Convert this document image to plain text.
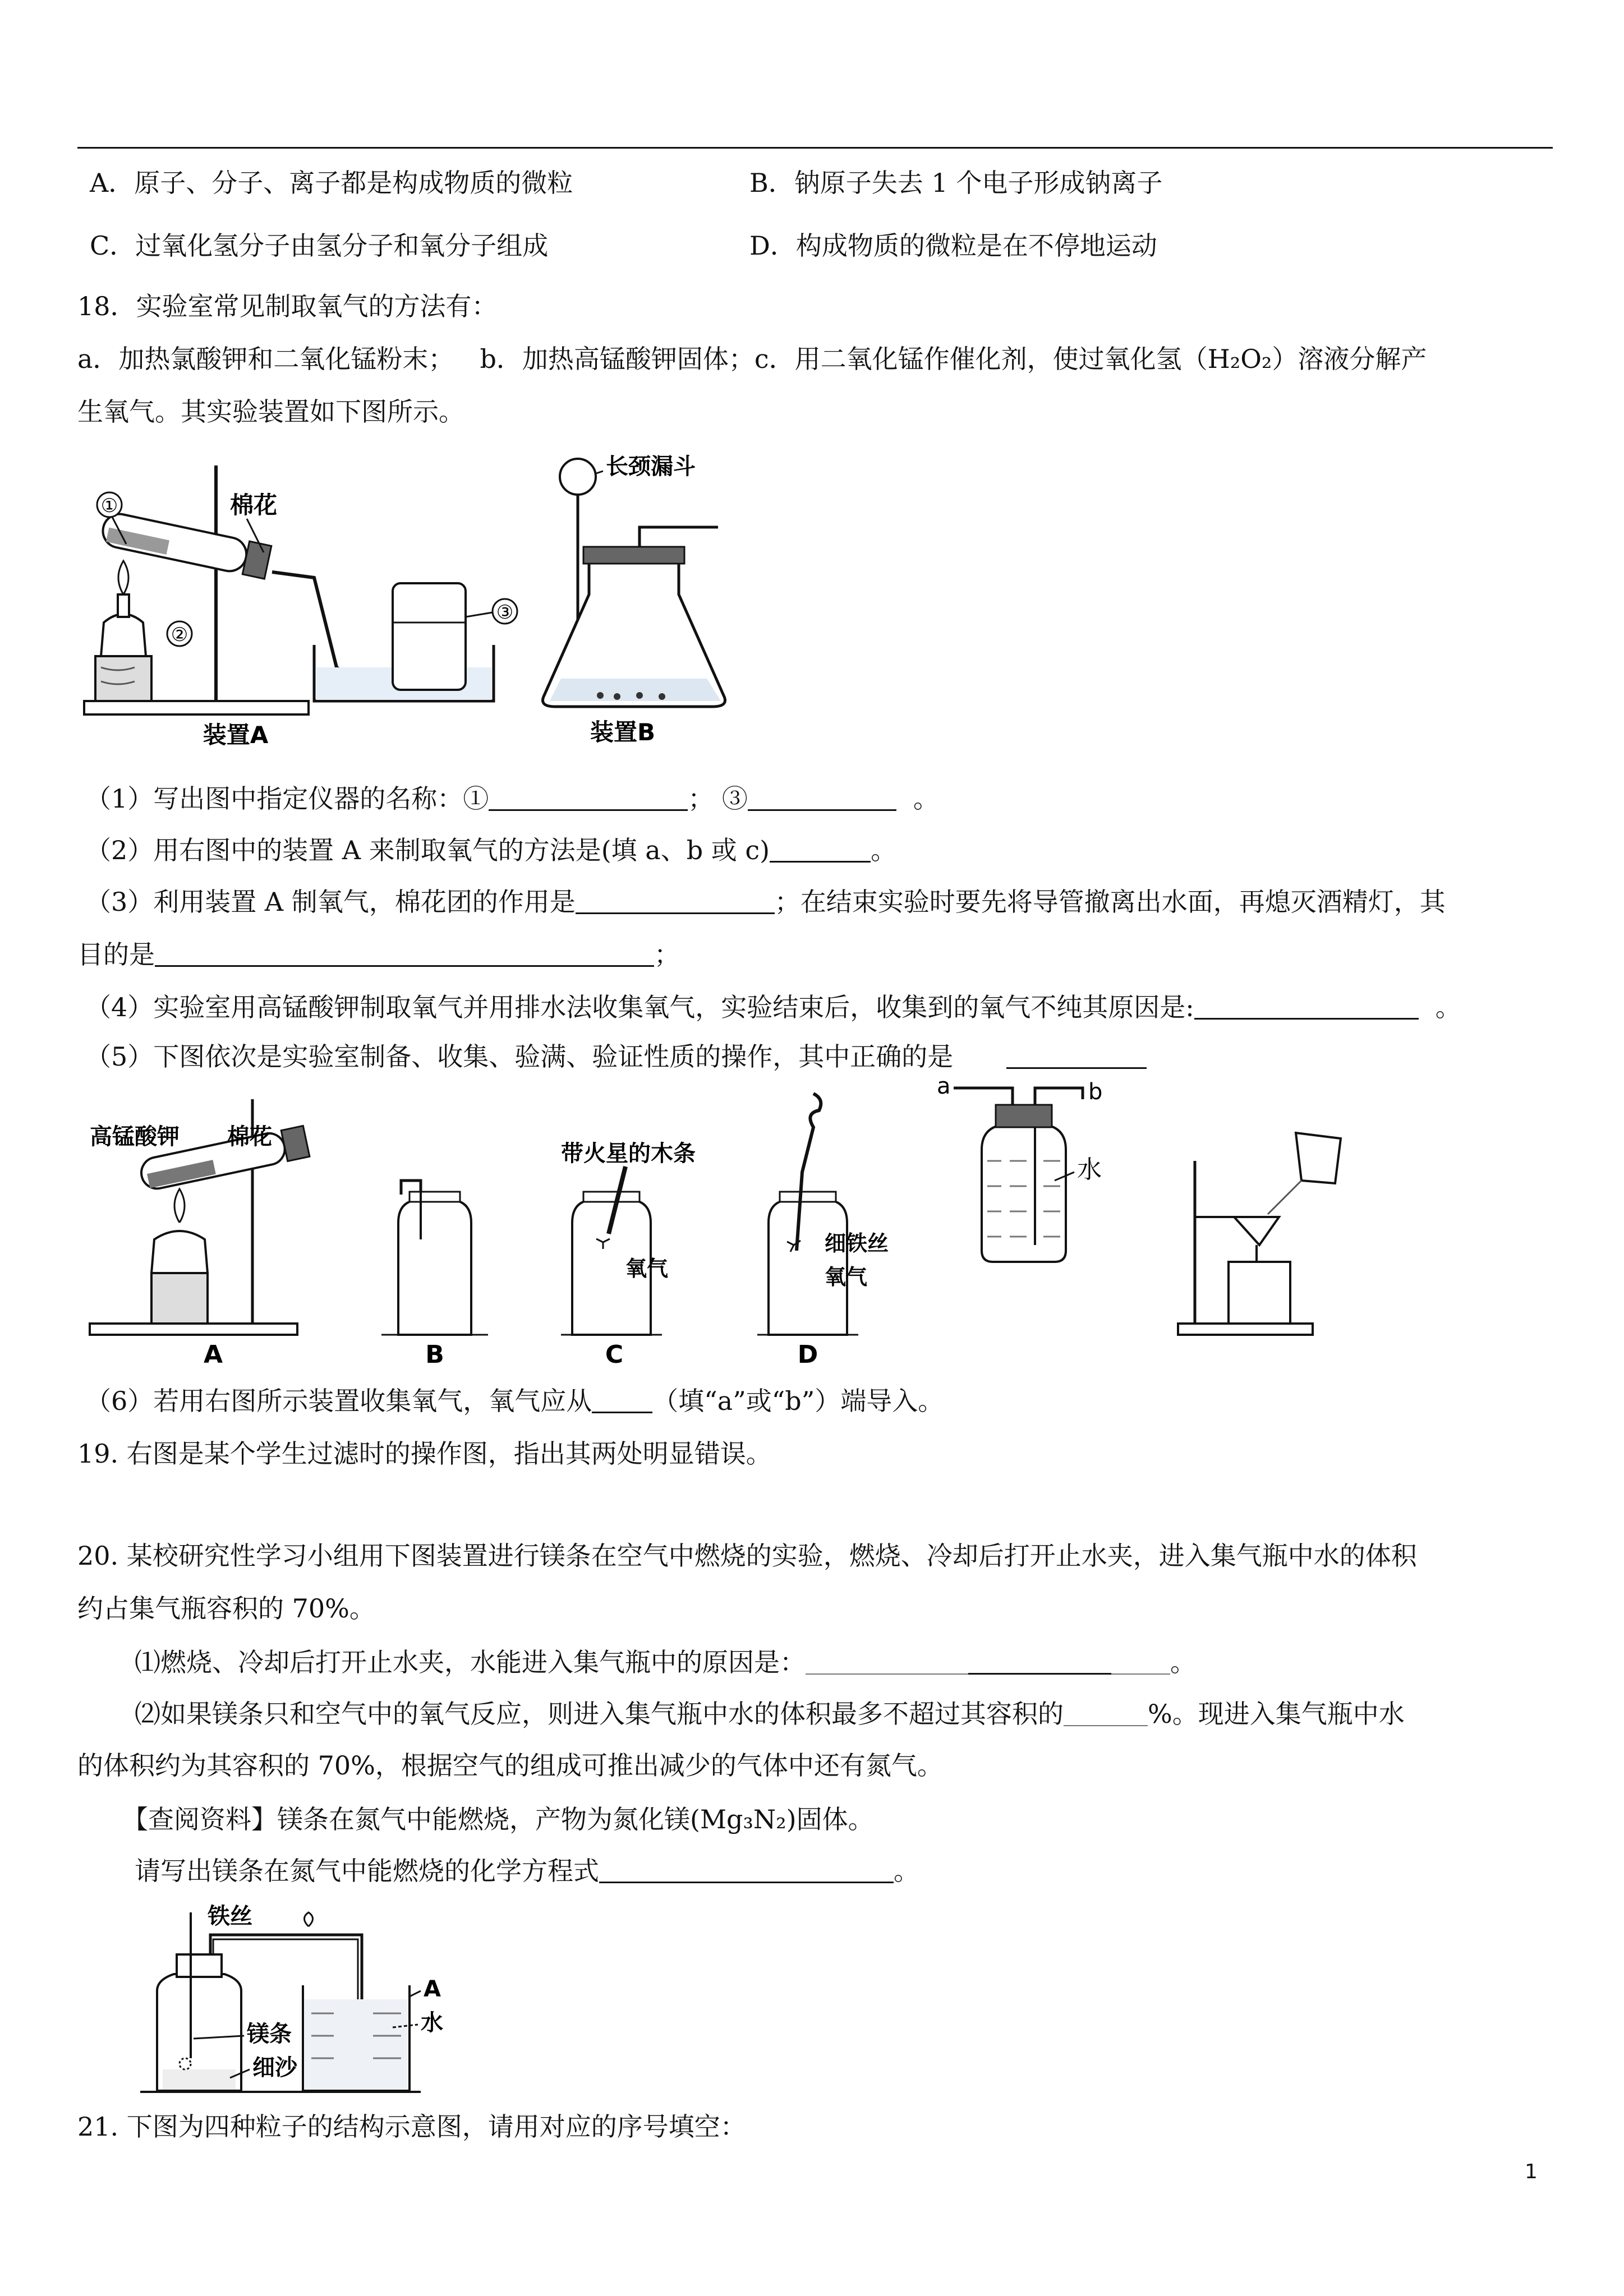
A．原子、分子、离子都是构成物质的微粒	B．钠原子失去 1 个电子形成钠离子
C．过氧化氢分子由氢分子和氧分子组成	D．构成物质的微粒是在不停地运动
18．实验室常见制取氧气的方法有：
a．加热氯酸钾和二氧化锰粉末； b．加热高锰酸钾固体；c．用二氧化锰作催化剂，使过氧化氢（H₂O₂）溶液分解产
生氧气。其实验装置如下图所示。
①
②
③
棉花
装置A
长颈漏斗
装置B
（1）写出图中指定仪器的名称：①	； ③	。
（2）用右图中的装置 A 来制取氧气的方法是(填 a、b 或 c)	。
（3）利用装置 A 制氧气，棉花团的作用是	；在结束实验时要先将导管撤离出水面，再熄灭酒精灯，其
目的是	；
（4）实验室用高锰酸钾制取氧气并用排水法收集氧气，实验结束后，收集到的氧气不纯其原因是:	。
（5）下图依次是实验室制备、收集、验满、验证性质的操作，其中正确的是
高锰酸钾 棉花
A	B
带火星的木条
氧气
C
细铁丝
氧气
D
a	b
水
（6）若用右图所示装置收集氧气，氧气应从 （填“a”或“b”）端导入。
19. 右图是某个学生过滤时的操作图，指出其两处明显错误。
20. 某校研究性学习小组用下图装置进行镁条在空气中燃烧的实验，燃烧、冷却后打开止水夹，进入集气瓶中水的体积
约占集气瓶容积的 70%。
⑴燃烧、冷却后打开止水夹，水能进入集气瓶中的原因是：	。
⑵如果镁条只和空气中的氧气反应，则进入集气瓶中水的体积最多不超过其容积的	%。现进入集气瓶中水
的体积约为其容积的 70%，根据空气的组成可推出减少的气体中还有氮气。
【查阅资料】镁条在氮气中能燃烧，产物为氮化镁(Mg₃N₂)固体。
请写出镁条在氮气中能燃烧的化学方程式	。
铁丝
A
水
镁条
细沙
21. 下图为四种粒子的结构示意图，请用对应的序号填空：
1
